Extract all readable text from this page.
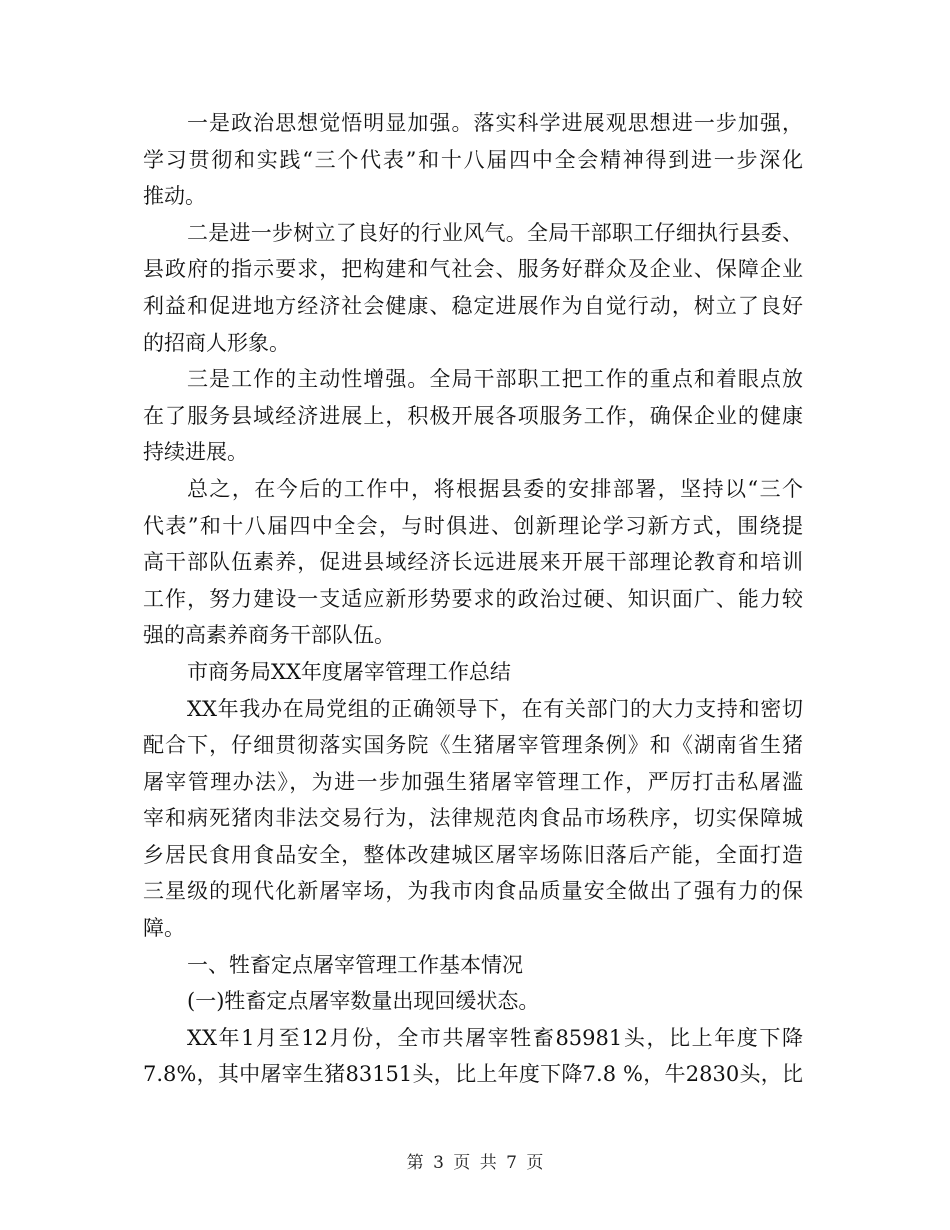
一是政治思想觉悟明显加强。落实科学进展观思想进一步加强，
学习贯彻和实践“三个代表”和十八届四中全会精神得到进一步深化
推动。
二是进一步树立了良好的行业风气。全局干部职工仔细执行县委、
县政府的指示要求，把构建和气社会、服务好群众及企业、保障企业
利益和促进地方经济社会健康、稳定进展作为自觉行动，树立了良好
的招商人形象。
三是工作的主动性增强。全局干部职工把工作的重点和着眼点放
在了服务县域经济进展上，积极开展各项服务工作，确保企业的健康
持续进展。
总之，在今后的工作中，将根据县委的安排部署，坚持以“三个
代表”和十八届四中全会，与时俱进、创新理论学习新方式，围绕提
高干部队伍素养，促进县域经济长远进展来开展干部理论教育和培训
工作，努力建设一支适应新形势要求的政治过硬、知识面广、能力较
强的高素养商务干部队伍。
市商务局XX年度屠宰管理工作总结
XX年我办在局党组的正确领导下，在有关部门的大力支持和密切
配合下，仔细贯彻落实国务院《生猪屠宰管理条例》和《湖南省生猪
屠宰管理办法》，为进一步加强生猪屠宰管理工作，严厉打击私屠滥
宰和病死猪肉非法交易行为，法律规范肉食品市场秩序，切实保障城
乡居民食用食品安全，整体改建城区屠宰场陈旧落后产能，全面打造
三星级的现代化新屠宰场，为我市肉食品质量安全做出了强有力的保
障。
一、牲畜定点屠宰管理工作基本情况
(一)牲畜定点屠宰数量出现回缓状态。
XX年1月至12月份，全市共屠宰牲畜85981头，比上年度下降
7.8%，其中屠宰生猪83151头，比上年度下降7.8 %，牛2830头，比
第 3 页 共 7 页
